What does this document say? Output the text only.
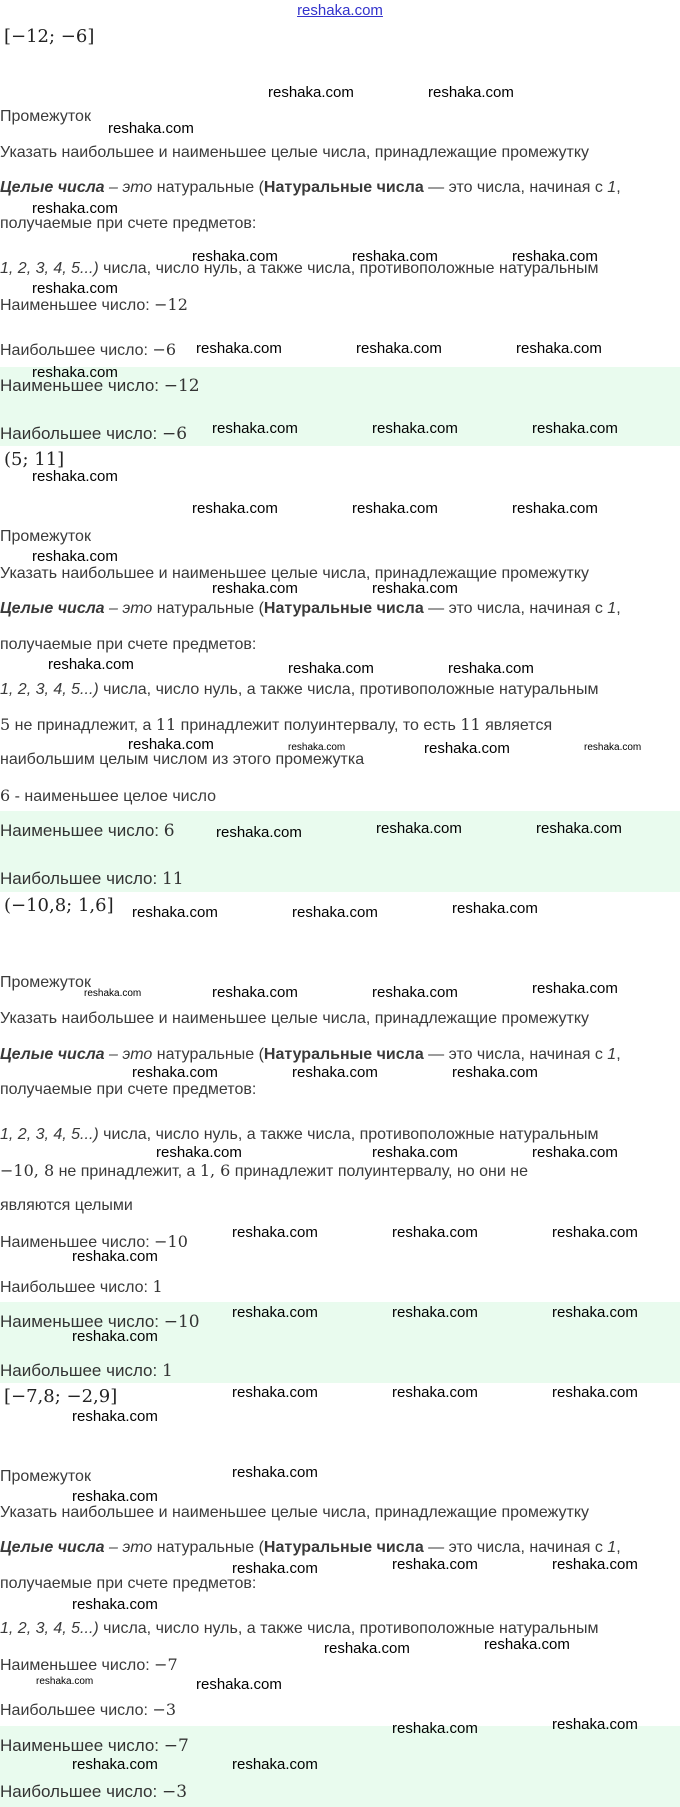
reshaka.com
[−12; −6]
Промежуток
Указать наибольшее и наименьшее целые числа, принадлежащие промежутку
Целые числа – это натуральные (Натуральные числа — это числа, начиная с 1,
получаемые при счете предметов:
1, 2, 3, 4, 5...) числа, число нуль, а также числа, противоположные натуральным
Наименьшее число: −12
Наибольшее число: −6
Наименьшее число: −12
Наибольшее число: −6
(5; 11]
Промежуток
Указать наибольшее и наименьшее целые числа, принадлежащие промежутку
Целые числа – это натуральные (Натуральные числа — это числа, начиная с 1,
получаемые при счете предметов:
1, 2, 3, 4, 5...) числа, число нуль, а также числа, противоположные натуральным
5 не принадлежит, а 11 принадлежит полуинтервалу, то есть 11 является
наибольшим целым числом из этого промежутка
6 - наименьшее целое число
Наименьшее число: 6
Наибольшее число: 11
(−10,8; 1,6]
Промежуток
Указать наибольшее и наименьшее целые числа, принадлежащие промежутку
Целые числа – это натуральные (Натуральные числа — это числа, начиная с 1,
получаемые при счете предметов:
1, 2, 3, 4, 5...) числа, число нуль, а также числа, противоположные натуральным
−10, 8 не принадлежит, а 1, 6 принадлежит полуинтервалу, но они не
являются целыми
Наименьшее число: −10
Наибольшее число: 1
Наименьшее число: −10
Наибольшее число: 1
[−7,8; −2,9]
Промежуток
Указать наибольшее и наименьшее целые числа, принадлежащие промежутку
Целые числа – это натуральные (Натуральные числа — это числа, начиная с 1,
получаемые при счете предметов:
1, 2, 3, 4, 5...) числа, число нуль, а также числа, противоположные натуральным
Наименьшее число: −7
Наибольшее число: −3
Наименьшее число: −7
Наибольшее число: −3
reshaka.com	reshaka.com
reshaka.com
reshaka.com
reshaka.com	reshaka.com	reshaka.com
reshaka.com
reshaka.com	reshaka.com	reshaka.com
reshaka.com
reshaka.com	reshaka.com	reshaka.com
reshaka.com
reshaka.com	reshaka.com	reshaka.com
reshaka.com
reshaka.com	reshaka.com
reshaka.com	reshaka.com	reshaka.com
reshaka.com	reshaka.com	reshaka.com	reshaka.com
reshaka.com	reshaka.com	reshaka.com
reshaka.com	reshaka.com	reshaka.com
reshaka.com	reshaka.com	reshaka.com	reshaka.com
reshaka.com	reshaka.com	reshaka.com
reshaka.com	reshaka.com	reshaka.com
reshaka.com	reshaka.com	reshaka.com
reshaka.com
reshaka.com	reshaka.com	reshaka.com
reshaka.com
reshaka.com	reshaka.com	reshaka.com
reshaka.com
reshaka.com
reshaka.com
reshaka.com	reshaka.com	reshaka.com
reshaka.com
reshaka.com	reshaka.com
reshaka.com	reshaka.com
reshaka.com	reshaka.com
reshaka.com	reshaka.com
